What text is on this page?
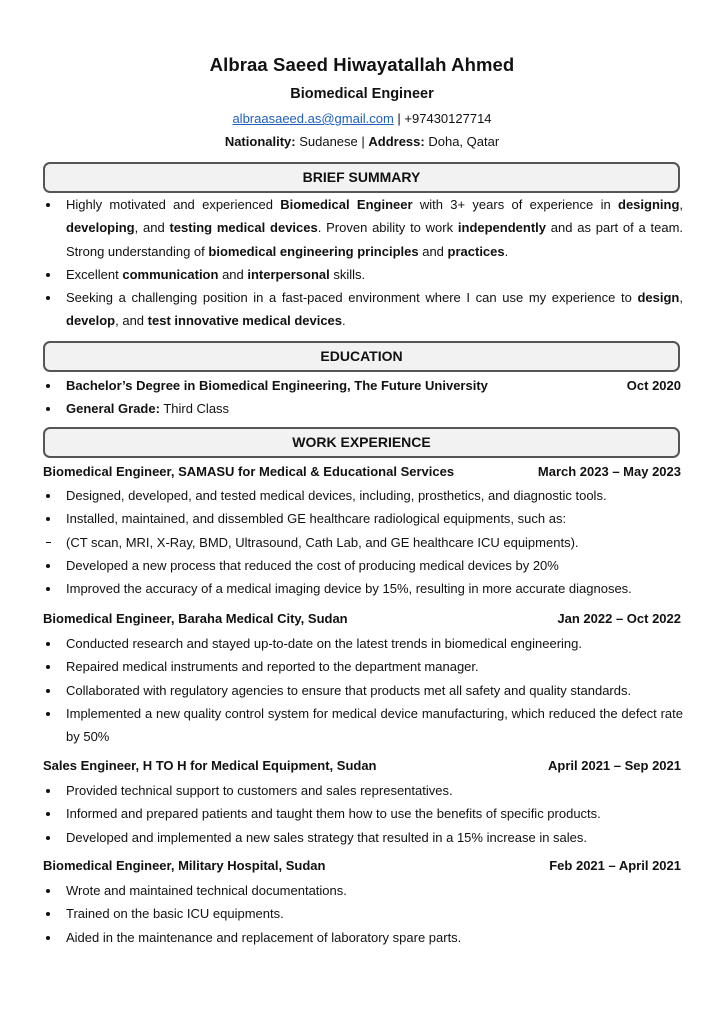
Albraa Saeed Hiwayatallah Ahmed
Biomedical Engineer
albraasaeed.as@gmail.com | +97430127714
Nationality: Sudanese | Address: Doha, Qatar
BRIEF SUMMARY
Highly motivated and experienced Biomedical Engineer with 3+ years of experience in designing, developing, and testing medical devices. Proven ability to work independently and as part of a team. Strong understanding of biomedical engineering principles and practices.
Excellent communication and interpersonal skills.
Seeking a challenging position in a fast-paced environment where I can use my experience to design, develop, and test innovative medical devices.
EDUCATION
Bachelor’s Degree in Biomedical Engineering, The Future University	Oct 2020
General Grade: Third Class
WORK EXPERIENCE
Biomedical Engineer, SAMASU for Medical & Educational Services	March 2023 – May 2023
Designed, developed, and tested medical devices, including, prosthetics, and diagnostic tools.
Installed, maintained, and dissembled GE healthcare radiological equipments, such as:
(CT scan, MRI, X-Ray, BMD, Ultrasound, Cath Lab, and GE healthcare ICU equipments).
Developed a new process that reduced the cost of producing medical devices by 20%
Improved the accuracy of a medical imaging device by 15%, resulting in more accurate diagnoses.
Biomedical Engineer, Baraha Medical City, Sudan	Jan 2022 – Oct 2022
Conducted research and stayed up-to-date on the latest trends in biomedical engineering.
Repaired medical instruments and reported to the department manager.
Collaborated with regulatory agencies to ensure that products met all safety and quality standards.
Implemented a new quality control system for medical device manufacturing, which reduced the defect rate by 50%
Sales Engineer, H TO H for Medical Equipment, Sudan	April 2021 – Sep 2021
Provided technical support to customers and sales representatives.
Informed and prepared patients and taught them how to use the benefits of specific products.
Developed and implemented a new sales strategy that resulted in a 15% increase in sales.
Biomedical Engineer, Military Hospital, Sudan	Feb 2021 – April 2021
Wrote and maintained technical documentations.
Trained on the basic ICU equipments.
Aided in the maintenance and replacement of laboratory spare parts.
